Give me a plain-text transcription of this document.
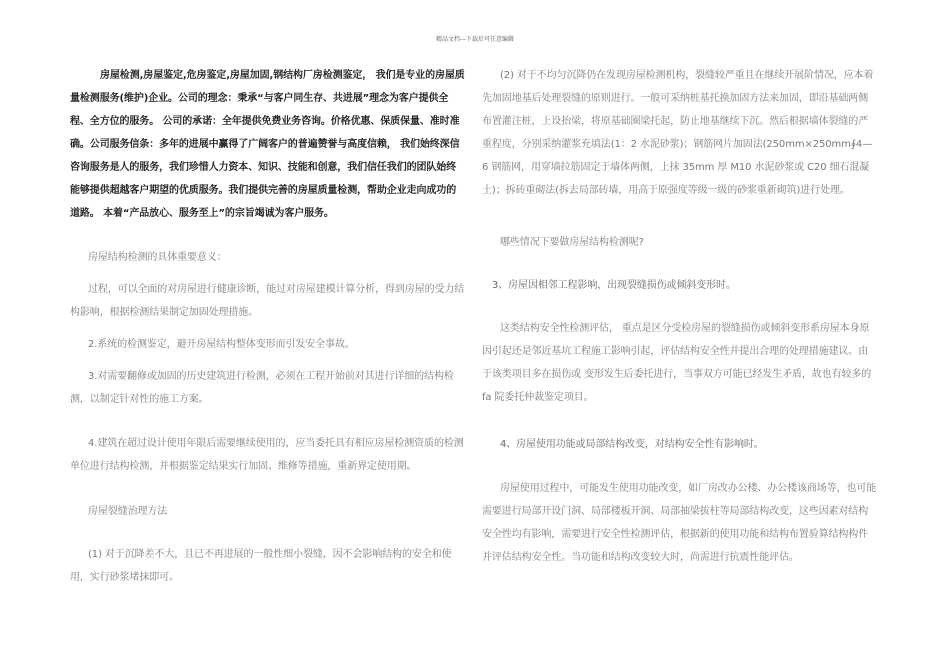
精品文档---下载后可任意编辑
房屋检测,房屋鉴定,危房鉴定,房屋加固,钢结构厂房检测鉴定， 我们是专业的房屋质量检测服务(维护)企业。公司的理念：秉承“与客户同生存、共进展”理念为客户提供全程、全方位的服务。 公司的承诺：全年提供免费业务咨询。价格优惠、保质保量、准时准确。公司服务信条：多年的进展中赢得了广阔客户的普遍赞誉与高度信赖， 我们始终深信咨询服务是人的服务，我们珍惜人力资本、知识、技能和创意，我们信任我们的团队始终能够提供超越客户期望的优质服务。我们提供完善的房屋质量检测，帮助企业走向成功的道路。 本着“产品放心、服务至上”的宗旨竭诚为客户服务。
房屋结构检测的具体重要意义：
过程，可以全面的对房屋进行健康诊断，能过对房屋建模计算分析，得到房屋的受力结构影响，根据检测结果制定加固处理措施。
2.系统的检测鉴定，避开房屋结构整体变形而引发安全事故。
3.对需要翻修或加固的历史建筑进行检测，必须在工程开始前对其进行详细的结构检测，以制定针对性的施工方案。
4.建筑在超过设计使用年限后需要继续使用的，应当委托具有相应房屋检测资质的检测单位进行结构检测，并根据鉴定结果实行加固、维修等措施，重新界定使用期。
房屋裂缝治理方法
(1) 对于沉降差不大，且已不再进展的一般性细小裂缝，因不会影响结构的安全和使用，实行砂浆堵抹即可。
(2) 对于不均匀沉降仍在发现房屋检测机构，裂缝较严重且在继续开展阶情况，应本着先加固地基后处理裂缝的原则进行。一般可采纳桩基托换加固方法来加固，即沿基础两侧布置灌注桩，上设抬梁，将原基础圈梁托起，防止地基继续下沉。然后根据墙体裂缝的严重程度，分别采纳灌浆充填法(1：2 水泥砂浆)；钢筋网片加固法(250mm×250mm∮4—6 钢筋网，用穿墙拉筋固定于墙体两侧，上抹 35mm 厚 M10 水泥砂浆或 C20 细石混凝土)；拆砖重砌法(拆去局部砖墙，用高于原强度等级一级的砂浆重新砌筑)进行处理。
哪些情况下要做房屋结构检测呢?
3、房屋因相邻工程影响，出现裂缝损伤或倾斜变形时。
这类结构安全性检测评估， 重点是区分受检房屋的裂缝损伤或倾斜变形系房屋本身原因引起还是邻近基坑工程施工影响引起，评估结构安全性并提出合理的处理措施建议。由于该类项目多在损伤或 变形发生后委托进行，当事双方可能已经发生矛盾，故也有较多的 fa 院委托仲裁鉴定项目。
4、房屋使用功能或局部结构改变，对结构安全性有影响时。
房屋使用过程中，可能发生使用功能改变，如厂房改办公楼、办公楼该商场等，也可能需要进行局部开设门洞、局部楼板开洞、局部抽梁拔柱等局部结构改变，这些因素对结构安全性均有影响，需要进行安全性检测评估，根据新的使用功能和结构布置验算结构构件并评估结构安全性。当功能和结构改变较大时，尚需进行抗震性能评估。
